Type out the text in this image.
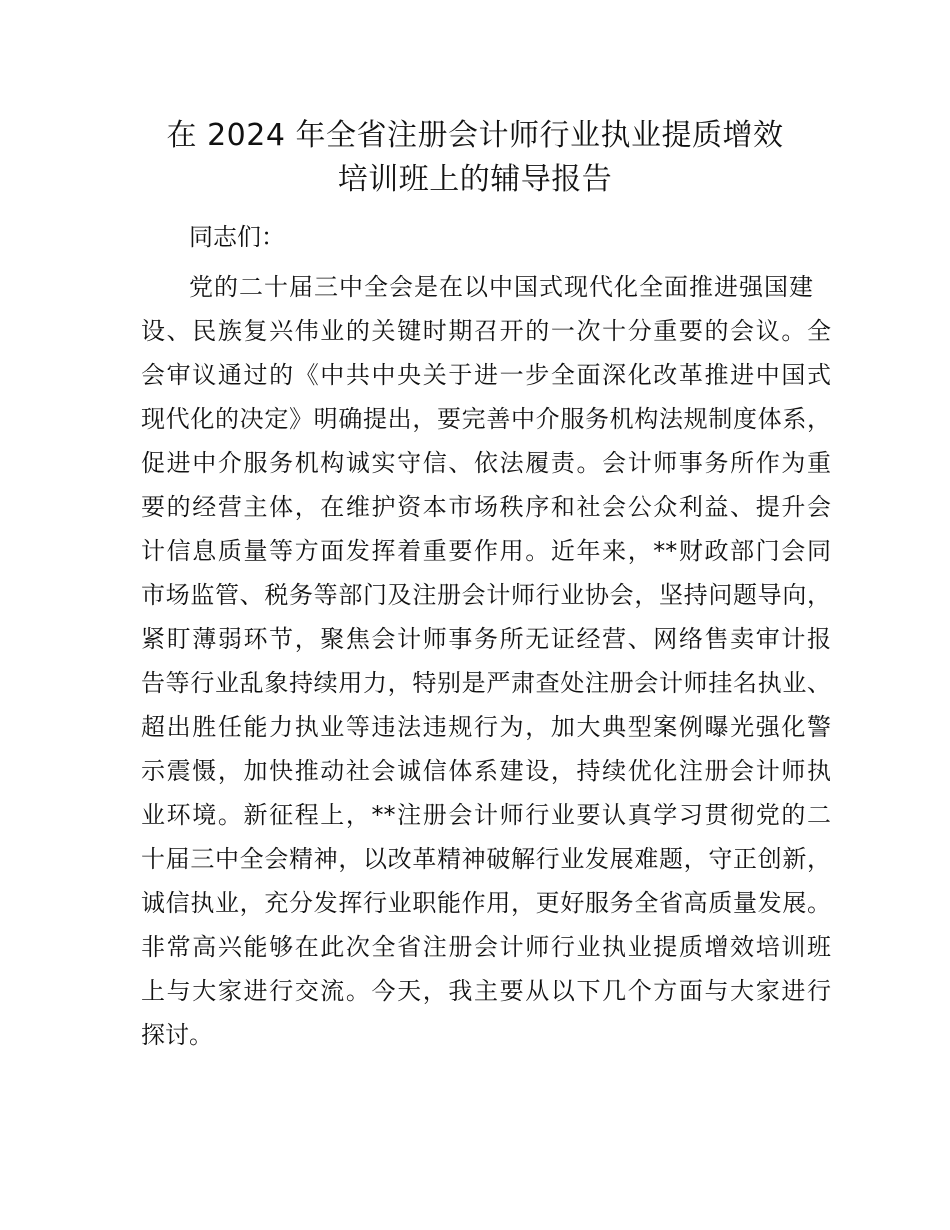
在 2024 年全省注册会计师行业执业提质增效
培训班上的辅导报告

同志们：

党的二十届三中全会是在以中国式现代化全面推进强国建

设、民族复兴伟业的关键时期召开的一次十分重要的会议。全

会审议通过的《中共中央关于进一步全面深化改革推进中国式

现代化的决定》明确提出，要完善中介服务机构法规制度体系，

促进中介服务机构诚实守信、依法履责。会计师事务所作为重

要的经营主体，在维护资本市场秩序和社会公众利益、提升会

计信息质量等方面发挥着重要作用。近年来，**财政部门会同

市场监管、税务等部门及注册会计师行业协会，坚持问题导向，

紧盯薄弱环节，聚焦会计师事务所无证经营、网络售卖审计报

告等行业乱象持续用力，特别是严肃查处注册会计师挂名执业、

超出胜任能力执业等违法违规行为，加大典型案例曝光强化警

示震慑，加快推动社会诚信体系建设，持续优化注册会计师执

业环境。新征程上，**注册会计师行业要认真学习贯彻党的二

十届三中全会精神，以改革精神破解行业发展难题，守正创新，

诚信执业，充分发挥行业职能作用，更好服务全省高质量发展。

非常高兴能够在此次全省注册会计师行业执业提质增效培训班

上与大家进行交流。今天，我主要从以下几个方面与大家进行

探讨。
